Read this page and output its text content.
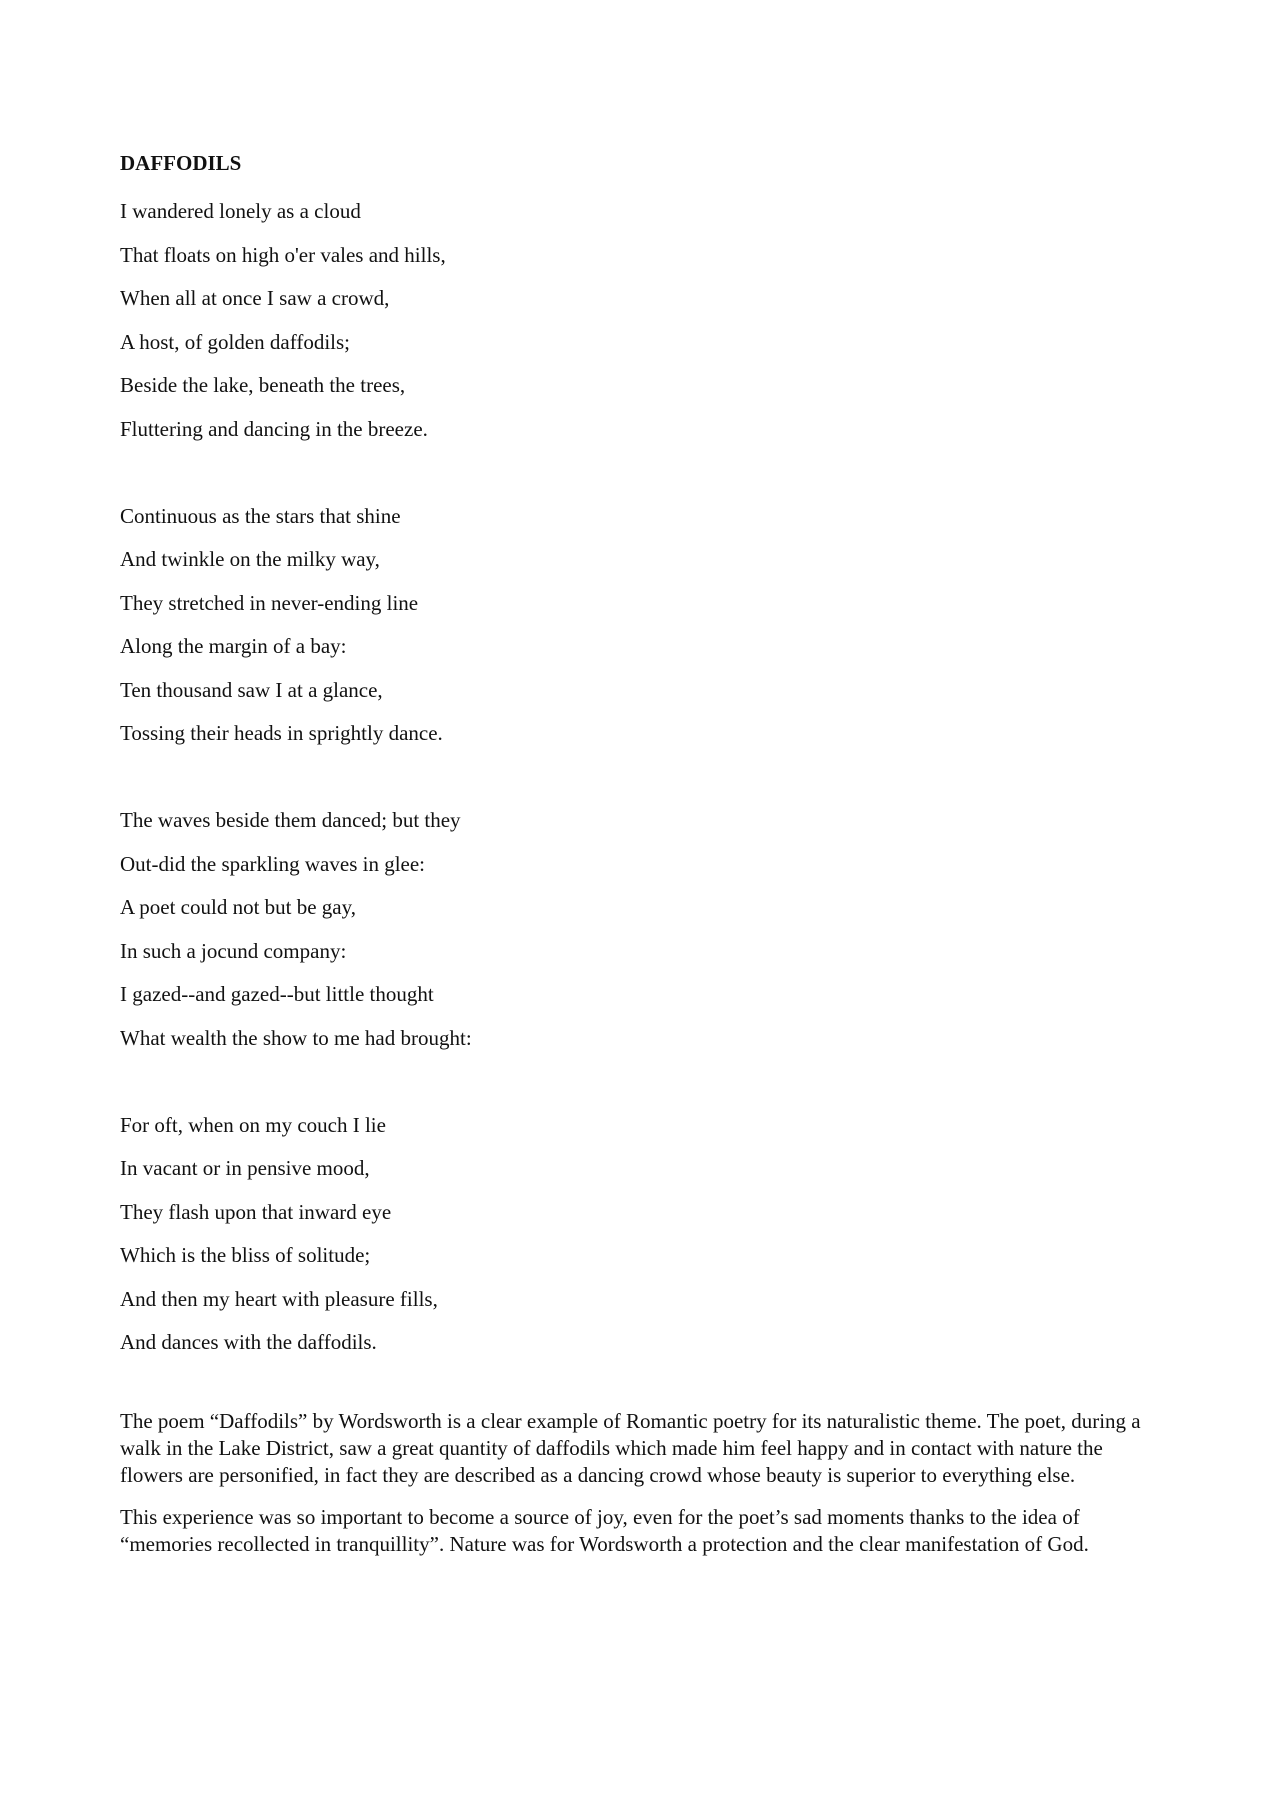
DAFFODILS
I wandered lonely as a cloud
That floats on high o'er vales and hills,
When all at once I saw a crowd,
A host, of golden daffodils;
Beside the lake, beneath the trees,
Fluttering and dancing in the breeze.
Continuous as the stars that shine
And twinkle on the milky way,
They stretched in never-ending line
Along the margin of a bay:
Ten thousand saw I at a glance,
Tossing their heads in sprightly dance.
The waves beside them danced; but they
Out-did the sparkling waves in glee:
A poet could not but be gay,
In such a jocund company:
I gazed--and gazed--but little thought
What wealth the show to me had brought:
For oft, when on my couch I lie
In vacant or in pensive mood,
They flash upon that inward eye
Which is the bliss of solitude;
And then my heart with pleasure fills,
And dances with the daffodils.

The poem “Daffodils” by Wordsworth is a clear example of Romantic poetry for its naturalistic theme. The poet, during a walk in the Lake District, saw a great quantity of daffodils which made him feel happy and in contact with nature the flowers are personified, in fact they are described as a dancing crowd whose beauty is superior to everything else.

This experience was so important to become a source of joy, even for the poet’s sad moments thanks to the idea of “memories recollected in tranquillity”. Nature was for Wordsworth a protection and the clear manifestation of God.
